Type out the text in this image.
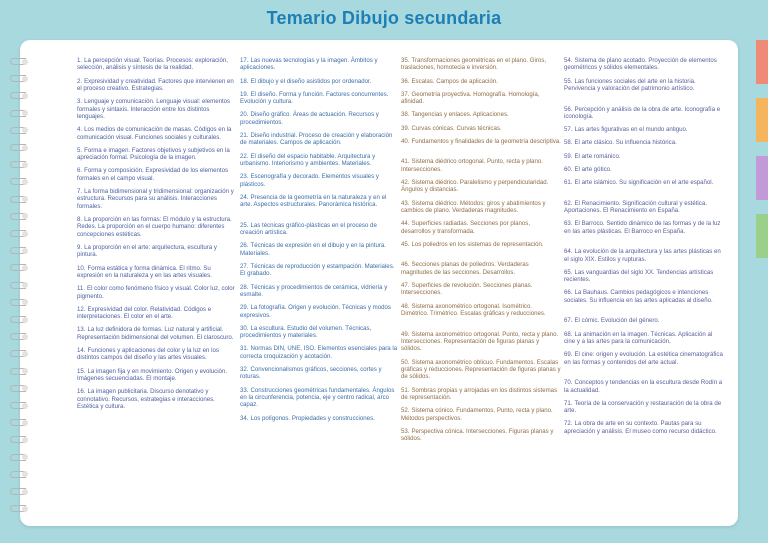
Temario Dibujo secundaria
1. La percepción visual. Teorías. Procesos: exploración, selección, análisis y síntesis de la realidad.
2. Expresividad y creatividad. Factores que intervienen en el proceso creativo. Estrategias.
3. Lenguaje y comunicación. Lenguaje visual: elementos formales y sintaxis. Interacción entre los distintos lenguajes.
4. Los medios de comunicación de masas. Códigos en la comunicación visual. Funciones sociales y culturales.
5. Forma e imagen. Factores objetivos y subjetivos en la apreciación formal. Psicología de la imagen.
6. Forma y composición. Expresividad de los elementos formales en el campo visual.
7. La forma bidimensional y tridimensional: organización y estructura. Recursos para su análisis. Interacciones formales.
8. La proporción en las formas: El módulo y la estructura. Redes. La proporción en el cuerpo humano: diferentes concepciones estéticas.
9. La proporción en el arte: arquitectura, escultura y pintura.
10. Forma estática y forma dinámica. El ritmo. Su expresión en la naturaleza y en las artes visuales.
11. El color como fenómeno físico y visual. Color luz, color pigmento.
12. Expresividad del color. Relatividad. Códigos e interpretaciones. El color en el arte.
13. La luz definidora de formas. Luz natural y artificial. Representación bidimensional del volumen. El claroscuro.
14. Funciones y aplicaciones del color y la luz en los distintos campos del diseño y las artes visuales.
15. La imagen fija y en movimiento. Origen y evolución. Imágenes secuenciadas. El montaje.
16. La imagen publicitaria. Discurso denotativo y connotativo. Recursos, estrategias e interacciones. Estética y cultura.
17. Las nuevas tecnologías y la imagen. Ámbitos y aplicaciones.
18. El dibujo y el diseño asistidos por ordenador.
19. El diseño. Forma y función. Factores concurrentes. Evolución y cultura.
20. Diseño gráfico. Áreas de actuación. Recursos y procedimientos.
21. Diseño industrial. Proceso de creación y elaboración de materiales. Campos de aplicación.
22. El diseño del espacio habitable. Arquitectura y urbanismo. Interiorismo y ambientes. Materiales.
23. Escenografía y decorado. Elementos visuales y plásticos.
24. Presencia de la geometría en la naturaleza y en el arte. Aspectos estructurales. Panorámica histórica.
25. Las técnicas gráfico-plásticas en el proceso de creación artística.
26. Técnicas de expresión en el dibujo y en la pintura. Materiales.
27. Técnicas de reproducción y estampación. Materiales. El grabado.
28. Técnicas y procedimientos de cerámica, vidriería y esmalte.
29. La fotografía. Origen y evolución. Técnicas y modos expresivos.
30. La escultura. Estudio del volumen. Técnicas, procedimientos y materiales.
31. Normas DIN, UNE, ISO. Elementos esenciales para la correcta croquización y acotación.
32. Convencionalismos gráficos, secciones, cortes y roturas.
33. Construcciones geométricas fundamentales. Ángulos en la circunferencia, potencia, eje y centro radical, arco capaz.
34. Los polígonos. Propiedades y construcciones.
35. Transformaciones geométricas en el plano. Giros, traslaciones, homotecia e inversión.
36. Escalas. Campos de aplicación.
37. Geometría proyectiva. Homografía. Homología, afinidad.
38. Tangencias y enlaces. Aplicaciones.
39. Curvas cónicas. Curvas técnicas.
40. Fundamentos y finalidades de la geometría descriptiva.
41. Sistema diédrico ortogonal. Punto, recta y plano. Intersecciones.
42. Sistema diédrico. Paralelismo y perpendicularidad. Ángulos y distancias.
43. Sistema diédrico. Métodos: giros y abatimientos y cambios de plano. Verdaderas magnitudes.
44. Superficies radiadas. Secciones por planos, desarrollos y transformada.
45. Los poliedros en los sistemas de representación.
46. Secciones planas de poliedros. Verdaderas magnitudes de las secciones. Desarrollos.
47. Superficies de revolución. Secciones planas. Intersecciones.
48. Sistema axonométrico ortogonal. Isométrico. Dimétrico. Trimétrico. Escalas gráficas y reducciones.
49. Sistema axonométrico ortogonal. Punto, recta y plano. Intersecciones. Representación de figuras planas y sólidos.
50. Sistema axonométrico oblicuo. Fundamentos. Escalas gráficas y reducciones. Representación de figuras planas y de sólidos.
51. Sombras propias y arrojadas en los distintos sistemas de representación.
52. Sistema cónico. Fundamentos. Punto, recta y plano. Métodos perspectivos.
53. Perspectiva cónica. Intersecciones. Figuras planas y sólidos.
54. Sistema de plano acotado. Proyección de elementos geométricos y sólidos elementales.
55. Las funciones sociales del arte en la historia. Pervivencia y valoración del patrimonio artístico.
56. Percepción y análisis de la obra de arte. Iconografía e iconología.
57. Las artes figurativas en el mundo antiguo.
58. El arte clásico. Su influencia histórica.
59. El arte románico.
60. El arte gótico.
61. El arte islámico. Su significación en el arte español.
62. El Renacimiento. Significación cultural y estética. Aportaciones. El Renacimiento en España.
63. El Barroco. Sentido dinámico de las formas y de la luz en las artes plásticas. El Barroco en España.
64. La evolución de la arquitectura y las artes plásticas en el siglo XIX. Estilos y rupturas.
65. Las vanguardias del siglo XX. Tendencias artísticas recientes.
66. La Bauhaus. Cambios pedagógicos e intenciones sociales. Su influencia en las artes aplicadas al diseño.
67. El cómic. Evolución del género.
68. La animación en la imagen. Técnicas. Aplicación al cine y a las artes para la comunicación.
69. El cine: origen y evolución. La estética cinematográfica en las formas y contenidos del arte actual.
70. Conceptos y tendencias en la escultura desde Rodín a la actualidad.
71. Teoría de la conservación y restauración de la obra de arte.
72. La obra de arte en su contexto. Pautas para su apreciación y análisis. El museo como recurso didáctico.
